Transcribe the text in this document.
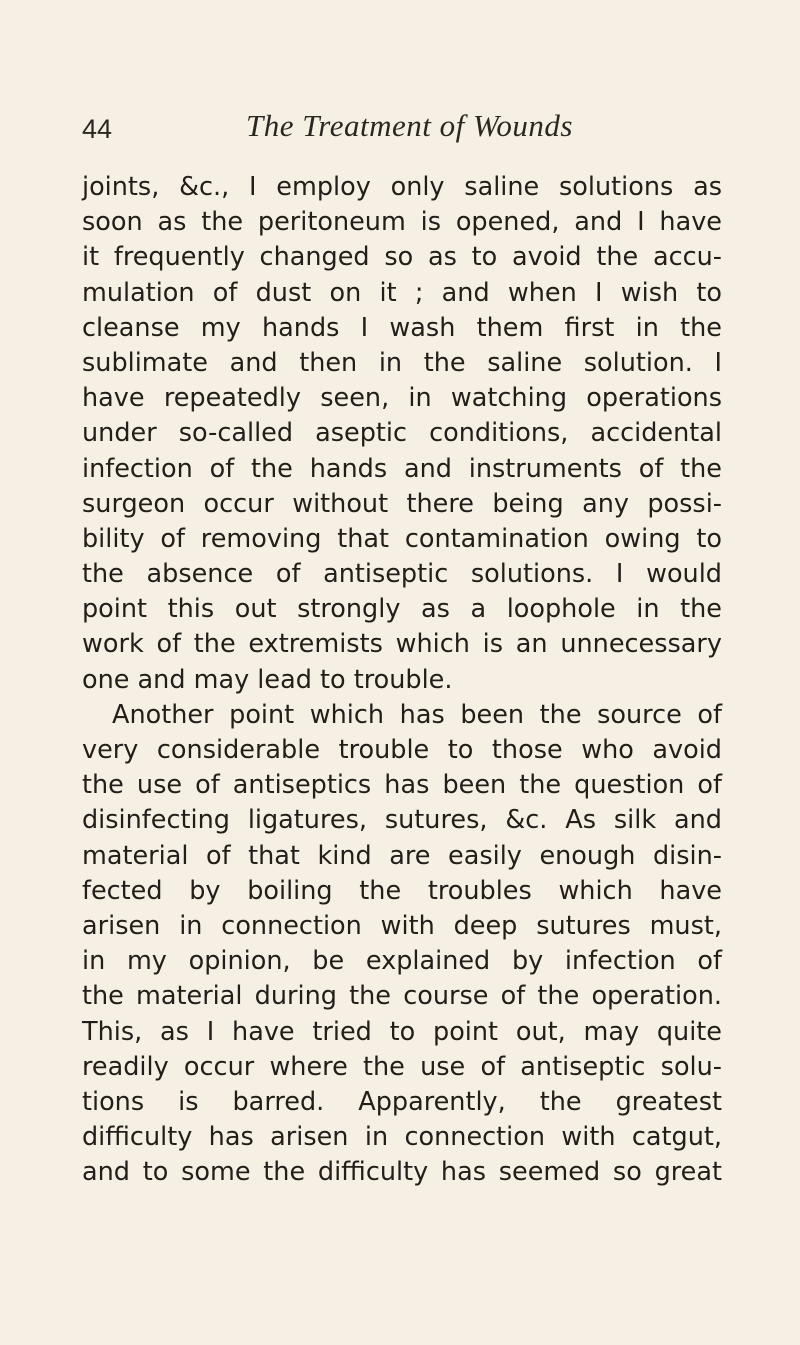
44	The Treatment of Wounds
joints, &c., I employ only saline solutions as
soon as the peritoneum is opened, and I have
it frequently changed so as to avoid the accu-
mulation of dust on it ; and when I wish to
cleanse my hands I wash them first in the
sublimate and then in the saline solution. I
have repeatedly seen, in watching operations
under so-called aseptic conditions, accidental
infection of the hands and instruments of the
surgeon occur without there being any possi-
bility of removing that contamination owing to
the absence of antiseptic solutions. I would
point this out strongly as a loophole in the
work of the extremists which is an unnecessary
one and may lead to trouble.
Another point which has been the source of
very considerable trouble to those who avoid
the use of antiseptics has been the question of
disinfecting ligatures, sutures, &c. As silk and
material of that kind are easily enough disin-
fected by boiling the troubles which have
arisen in connection with deep sutures must,
in my opinion, be explained by infection of
the material during the course of the operation.
This, as I have tried to point out, may quite
readily occur where the use of antiseptic solu-
tions is barred. Apparently, the greatest
difficulty has arisen in connection with catgut,
and to some the difficulty has seemed so great
